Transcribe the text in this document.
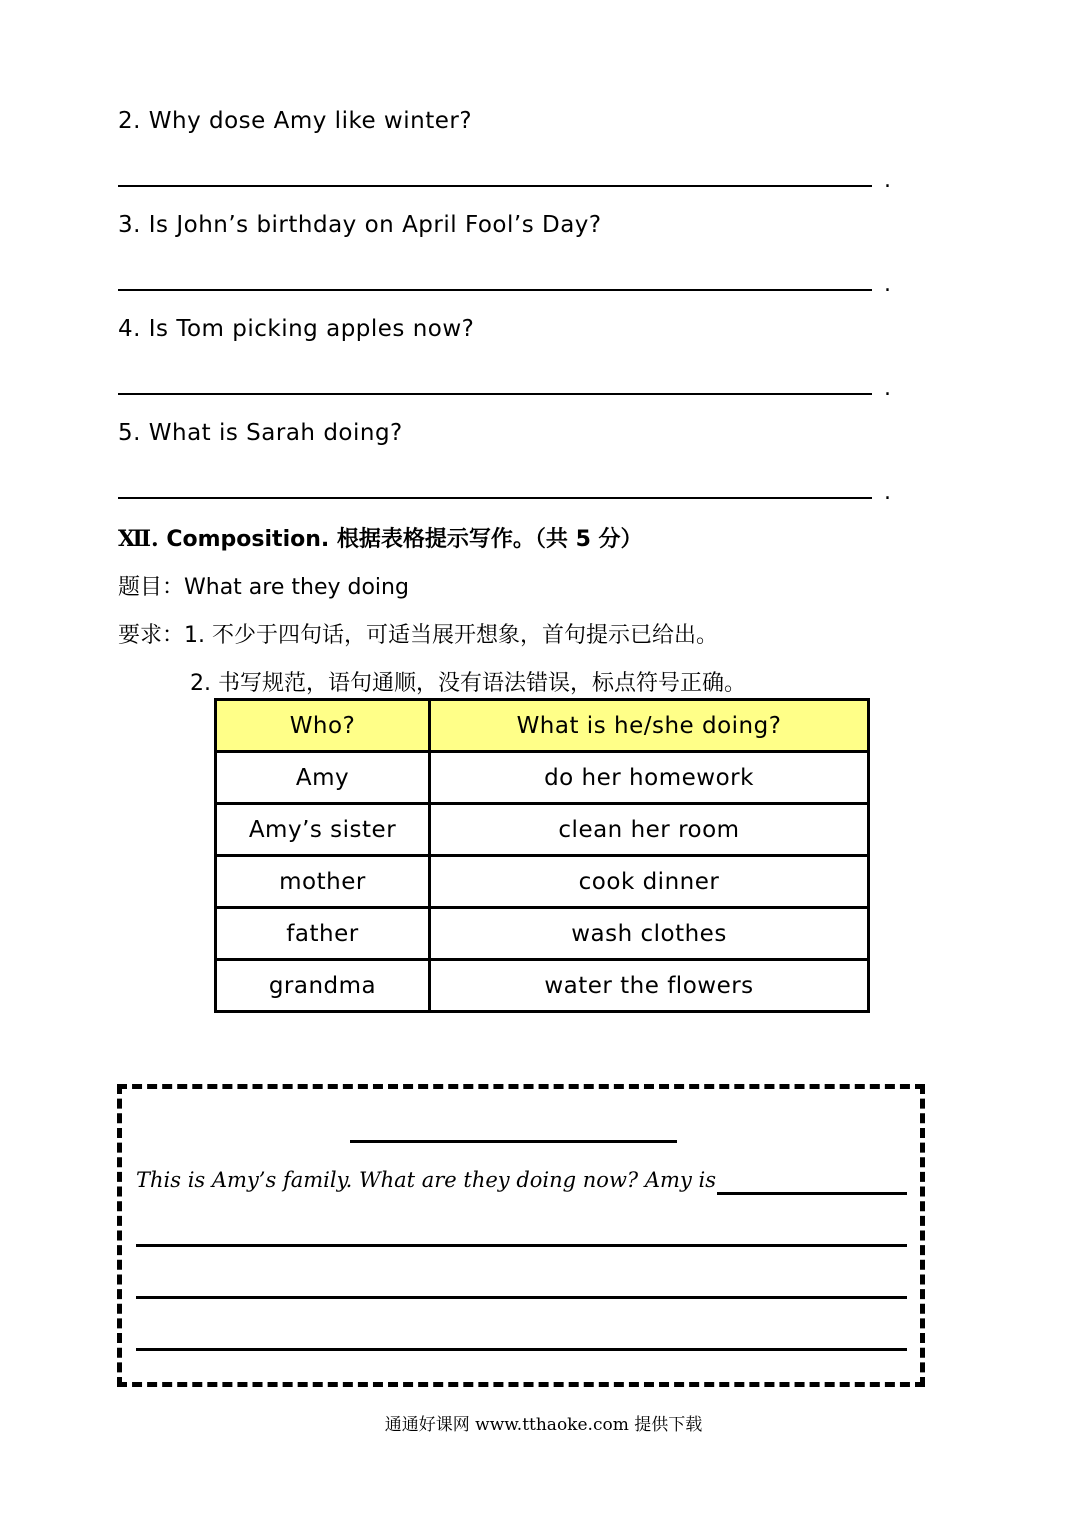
2. Why dose Amy like winter?
.
3. Is John’s birthday on April Fool’s Day?
.
4. Is Tom picking apples now?
.
5. What is Sarah doing?
.
Ⅻ. Composition. 根据表格提示写作。（共 5 分）
题目：What are they doing
要求：1. 不少于四句话，可适当展开想象，首句提示已给出。
2. 书写规范，语句通顺，没有语法错误，标点符号正确。
Who?	What is he/she doing?
Amy	do her homework
Amy’s sister	clean her room
mother	cook dinner
father	wash clothes
grandma	water the flowers
This is Amy’s family. What are they doing now? Amy is
通通好课网 www.tthaoke.com 提供下载
